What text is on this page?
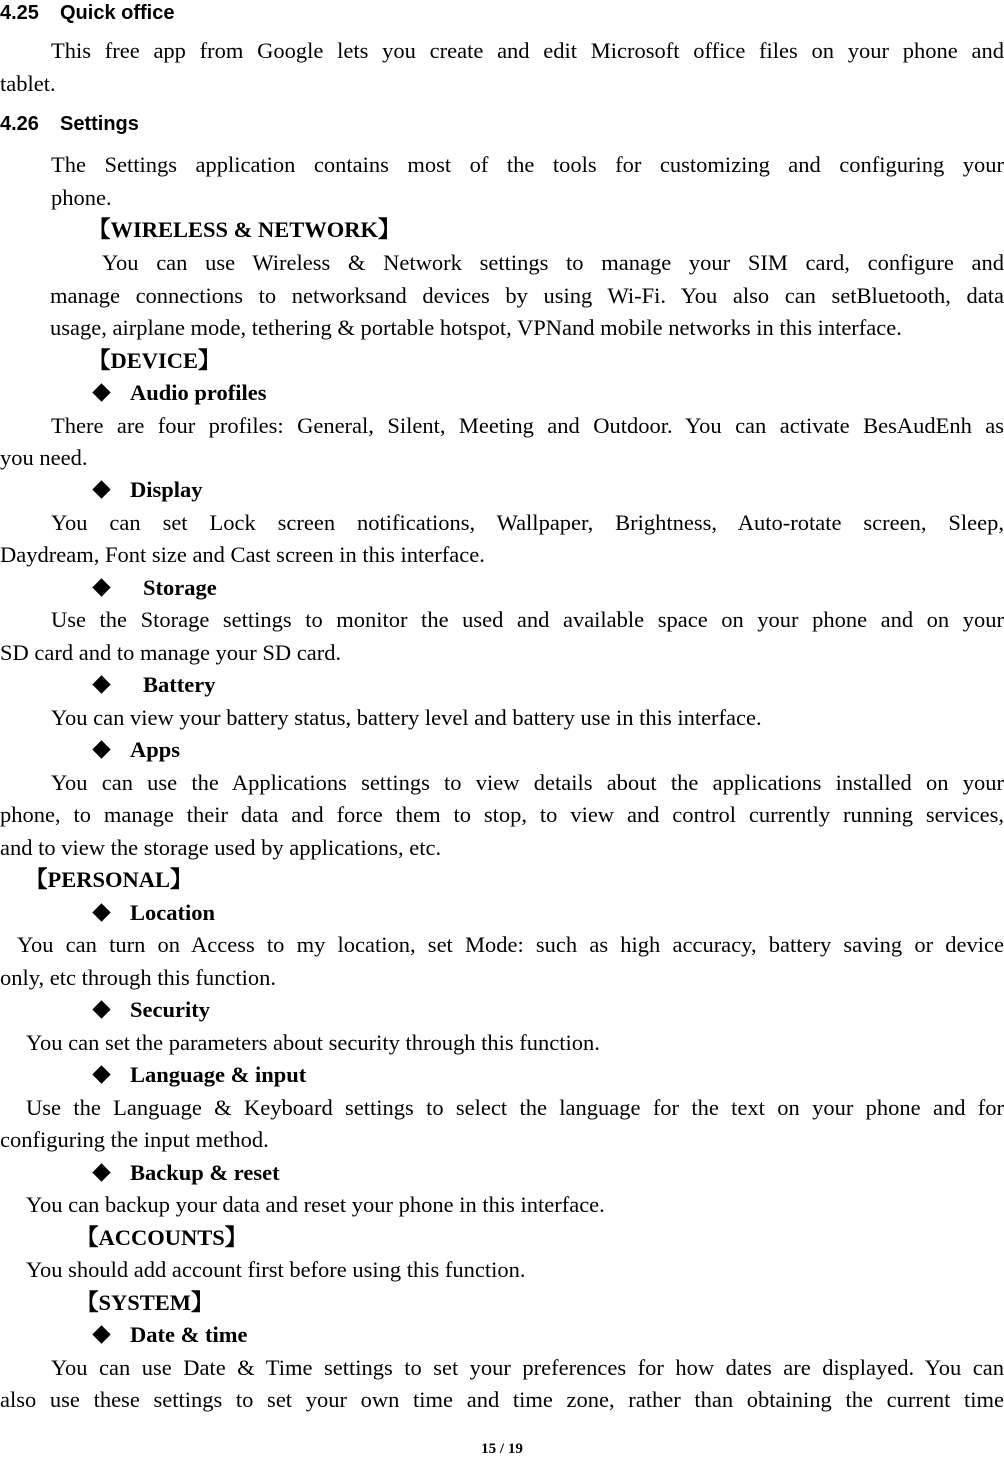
4.25 Quick office
This free app from Google lets you create and edit Microsoft office files on your phone and
tablet.
4.26 Settings
The Settings application contains most of the tools for customizing and configuring your
phone.
【WIRELESS & NETWORK】
You can use Wireless & Network settings to manage your SIM card, configure and
manage connections to networksand devices by using Wi-Fi. You also can setBluetooth, data
usage, airplane mode, tethering & portable hotspot, VPNand mobile networks in this interface.
【DEVICE】
Audio profiles
There are four profiles: General, Silent, Meeting and Outdoor. You can activate BesAudEnh as
you need.
Display
You can set Lock screen notifications, Wallpaper, Brightness, Auto-rotate screen, Sleep,
Daydream, Font size and Cast screen in this interface.
Storage
Use the Storage settings to monitor the used and available space on your phone and on your
SD card and to manage your SD card.
Battery
You can view your battery status, battery level and battery use in this interface.
Apps
You can use the Applications settings to view details about the applications installed on your
phone, to manage their data and force them to stop, to view and control currently running services,
and to view the storage used by applications, etc.
【PERSONAL】
Location
You can turn on Access to my location, set Mode: such as high accuracy, battery saving or device
only, etc through this function.
Security
You can set the parameters about security through this function.
Language & input
Use the Language & Keyboard settings to select the language for the text on your phone and for
configuring the input method.
Backup & reset
You can backup your data and reset your phone in this interface.
【ACCOUNTS】
You should add account first before using this function.
【SYSTEM】
Date & time
You can use Date & Time settings to set your preferences for how dates are displayed. You can
also use these settings to set your own time and time zone, rather than obtaining the current time
15 / 19
